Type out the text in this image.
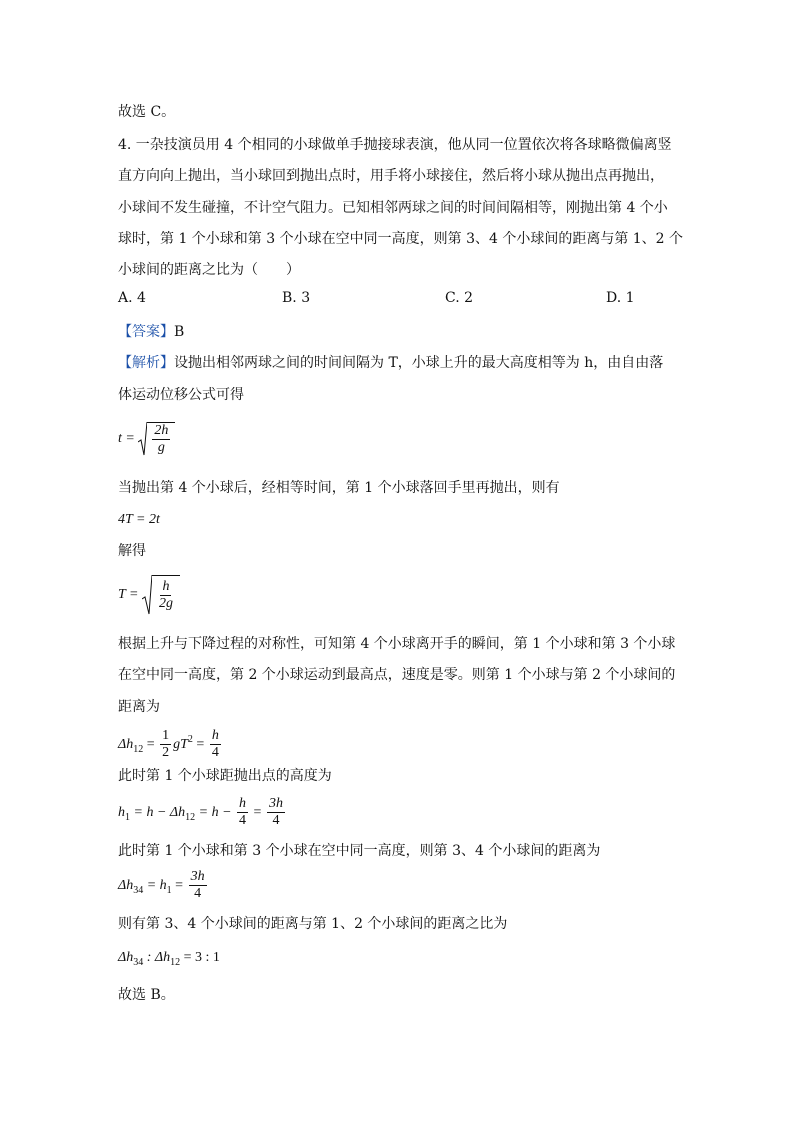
故选 C。
4. 一杂技演员用 4 个相同的小球做单手抛接球表演，他从同一位置依次将各球略微偏离竖
直方向向上抛出，当小球回到抛出点时，用手将小球接住，然后将小球从抛出点再抛出，
小球间不发生碰撞，不计空气阻力。已知相邻两球之间的时间间隔相等，刚抛出第 4 个小
球时，第 1 个小球和第 3 个小球在空中同一高度，则第 3、4 个小球间的距离与第 1、2 个
小球间的距离之比为（　　）
A. 4	B. 3	C. 2	D. 1
【答案】B
【解析】设抛出相邻两球之间的时间间隔为 T，小球上升的最大高度相等为 h，由自由落
体运动位移公式可得
$t = \frac{2h}{g}$
当抛出第 4 个小球后，经相等时间，第 1 个小球落回手里再抛出，则有
4T = 2t
解得
$T = \frac{h}{2g}$
根据上升与下降过程的对称性，可知第 4 个小球离开手的瞬间，第 1 个小球和第 3 个小球
在空中同一高度，第 2 个小球运动到最高点，速度是零。则第 1 个小球与第 2 个小球间的
距离为
$\Delta h_{12} = \frac{1}{2} gT^2 = \frac{h}{4}$
此时第 1 个小球距抛出点的高度为
$h_1 = h - \Delta h_{12} = h - \frac{h}{4} = \frac{3h}{4}$
此时第 1 个小球和第 3 个小球在空中同一高度，则第 3、4 个小球间的距离为
$\Delta h_{34} = h_1 = \frac{3h}{4}$
则有第 3、4 个小球间的距离与第 1、2 个小球间的距离之比为
$\Delta h_{34}$ : $\Delta h_{12} = 3$ : 1
故选 B。
